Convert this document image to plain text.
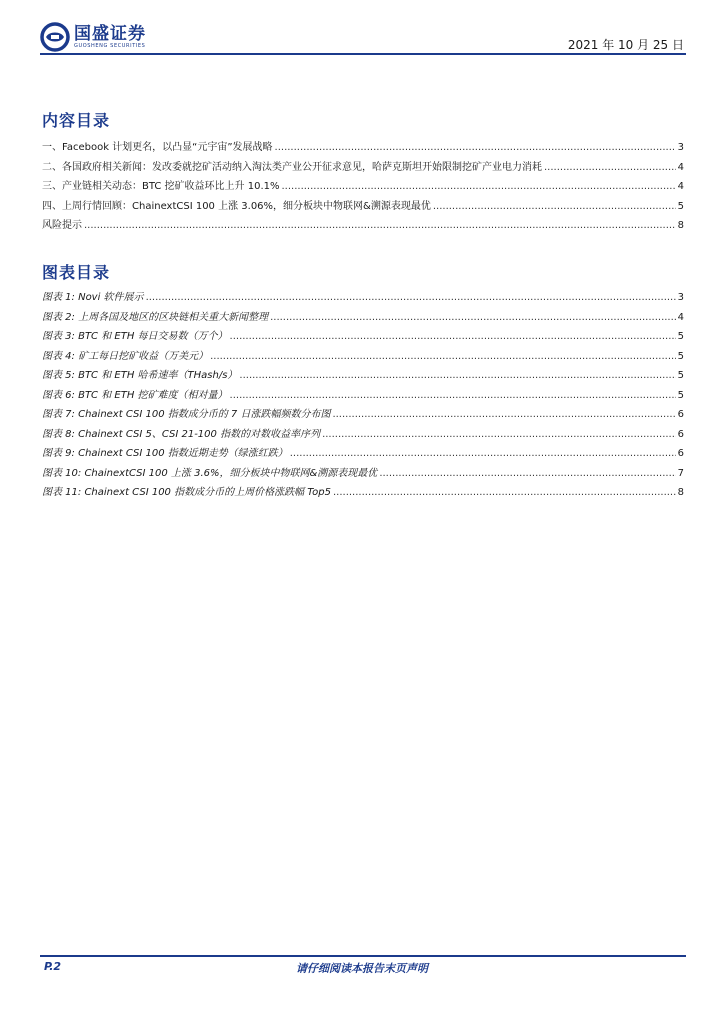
国盛证券
GUOSHENG SECURITIES	2021 年 10 月 25 日
内容目录
一、Facebook 计划更名，以凸显“元宇宙”发展战略 .....	3
二、各国政府相关新闻：发改委就挖矿活动纳入淘汰类产业公开征求意见，哈萨克斯坦开始限制挖矿产业电力消耗 .....	4
三、产业链相关动态：BTC 挖矿收益环比上升 10.1% .....	4
四、上周行情回顾：ChainextCSI 100 上涨 3.06%，细分板块中物联网&溯源表现最优 .....	5
风险提示 .....	8
图表目录
图表 1: Novi 软件展示 .....	3
图表 2: 上周各国及地区的区块链相关重大新闻整理 .....	4
图表 3: BTC 和 ETH 每日交易数（万个） .....	5
图表 4: 矿工每日挖矿收益（万美元） .....	5
图表 5: BTC 和 ETH 哈希速率（THash/s） .....	5
图表 6: BTC 和 ETH 挖矿难度（相对量） .....	5
图表 7: Chainext CSI 100 指数成分币的 7 日涨跌幅频数分布图 .....	6
图表 8: Chainext CSI 5、CSI 21-100 指数的对数收益率序列 .....	6
图表 9: Chainext CSI 100 指数近期走势（绿涨红跌） .....	6
图表 10: ChainextCSI 100 上涨 3.6%，细分板块中物联网&溯源表现最优 .....	7
图表 11: Chainext CSI 100 指数成分币的上周价格涨跌幅 Top5 .....	8
P.2	请仔细阅读本报告末页声明
